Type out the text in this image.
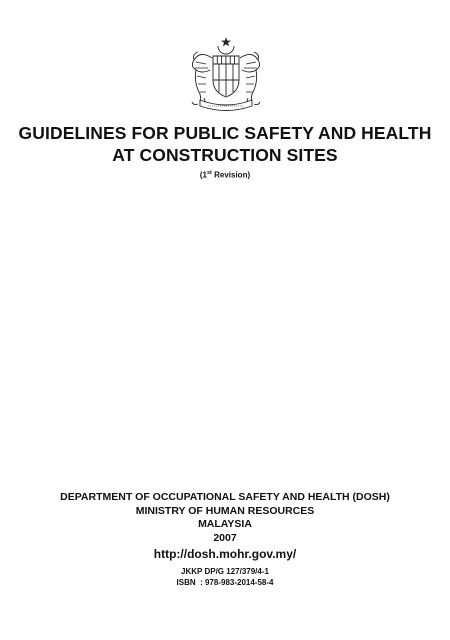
GUIDELINES FOR PUBLIC SAFETY AND HEALTH
AT CONSTRUCTION SITES
(1st Revision)
DEPARTMENT OF OCCUPATIONAL SAFETY AND HEALTH (DOSH)
MINISTRY OF HUMAN RESOURCES
MALAYSIA
2007
http://dosh.mohr.gov.my/
JKKP DP/G 127/379/4-1
ISBN : 978-983-2014-58-4
